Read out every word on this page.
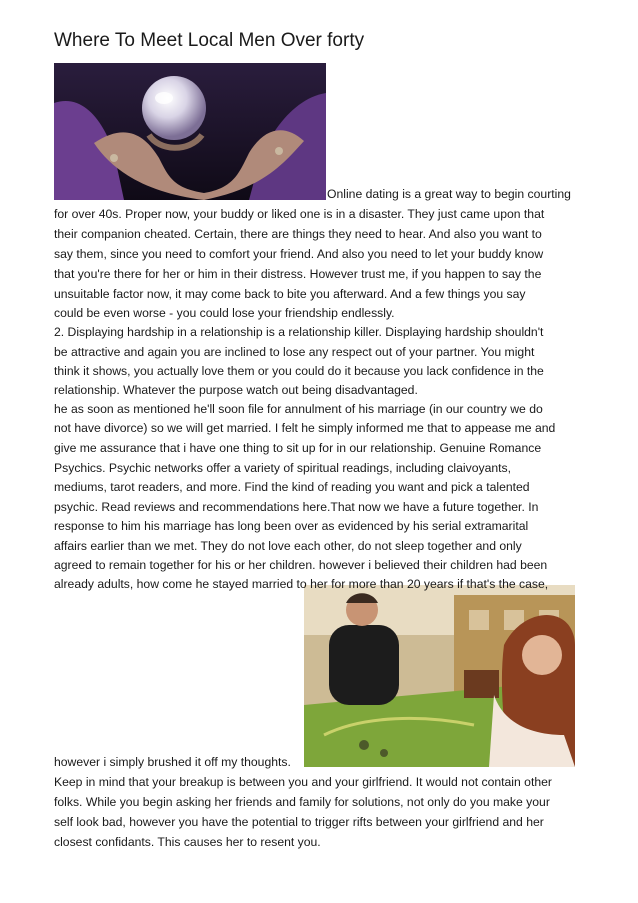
Where To Meet Local Men Over forty
Online dating is a great way to begin courting
for over 40s. Proper now, your buddy or liked one is in a disaster. They just came upon that
their companion cheated. Certain, there are things they need to hear. And also you want to
say them, since you need to comfort your friend. And also you need to let your buddy know
that you're there for her or him in their distress. However trust me, if you happen to say the
unsuitable factor now, it may come back to bite you afterward. And a few things you say
could be even worse - you could lose your friendship endlessly.
2. Displaying hardship in a relationship is a relationship killer. Displaying hardship shouldn't
be attractive and again you are inclined to lose any respect out of your partner. You might
think it shows, you actually love them or you could do it because you lack confidence in the
relationship. Whatever the purpose watch out being disadvantaged.
he as soon as mentioned he'll soon file for annulment of his marriage (in our country we do
not have divorce) so we will get married. I felt he simply informed me that to appease me and
give me assurance that i have one thing to sit up for in our relationship. Genuine Romance
Psychics. Psychic networks offer a variety of spiritual readings, including claivoyants,
mediums, tarot readers, and more. Find the kind of reading you want and pick a talented
psychic. Read reviews and recommendations here.That now we have a future together. In
response to him his marriage has long been over as evidenced by his serial extramarital
affairs earlier than we met. They do not love each other, do not sleep together and only
agreed to remain together for his or her children. however i believed their children had been
already adults, how come he stayed married to her for more than 20 years if that's the case,
however i simply brushed it off my thoughts.
Keep in mind that your breakup is between you and your girlfriend. It would not contain other
folks. While you begin asking her friends and family for solutions, not only do you make your
self look bad, however you have the potential to trigger rifts between your girlfriend and her
closest confidants. This causes her to resent you.
